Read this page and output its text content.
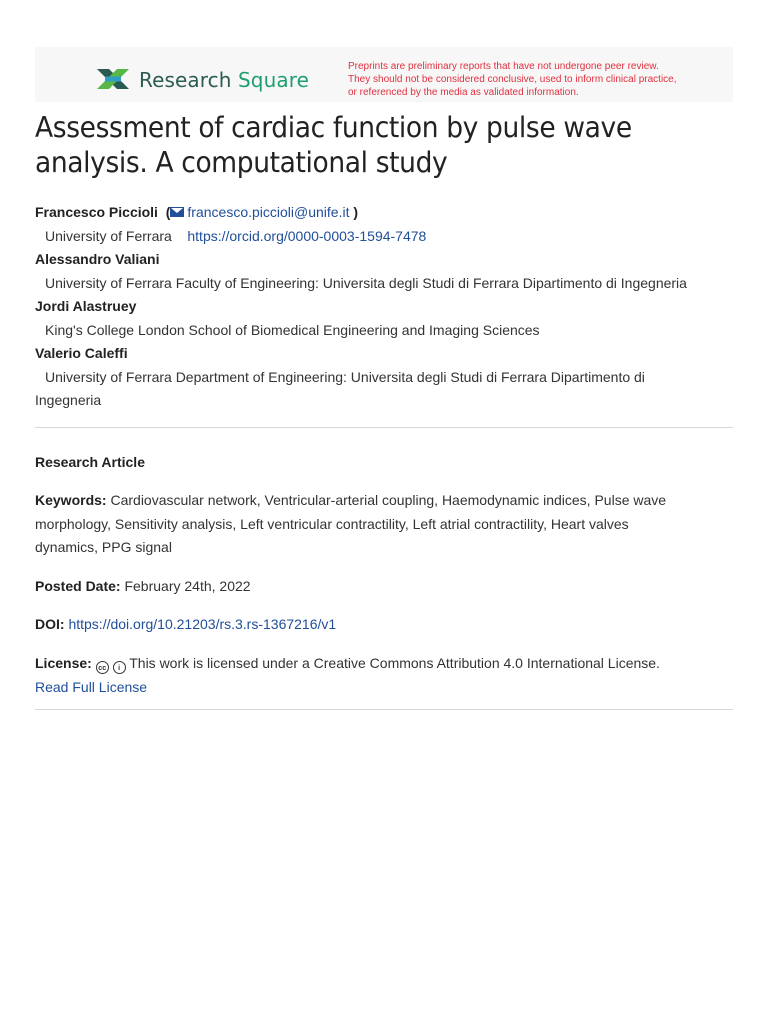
Research Square
Preprints are preliminary reports that have not undergone peer review.
They should not be considered conclusive, used to inform clinical practice,
or referenced by the media as validated information.
Assessment of cardiac function by pulse wave
analysis. A computational study
Francesco Piccioli  ( francesco.piccioli@unife.it )
University of Ferrara https://orcid.org/0000-0003-1594-7478
Alessandro Valiani
University of Ferrara Faculty of Engineering: Universita degli Studi di Ferrara Dipartimento di Ingegneria
Jordi Alastruey
King's College London School of Biomedical Engineering and Imaging Sciences
Valerio Caleffi
University of Ferrara Department of Engineering: Universita degli Studi di Ferrara Dipartimento di
Ingegneria
Research Article
Keywords: Cardiovascular network, Ventricular-arterial coupling, Haemodynamic indices, Pulse wave
morphology, Sensitivity analysis, Left ventricular contractility, Left atrial contractility, Heart valves
dynamics, PPG signal
Posted Date: February 24th, 2022
DOI: https://doi.org/10.21203/rs.3.rs-1367216/v1
License: cc i This work is licensed under a Creative Commons Attribution 4.0 International License.
Read Full License
